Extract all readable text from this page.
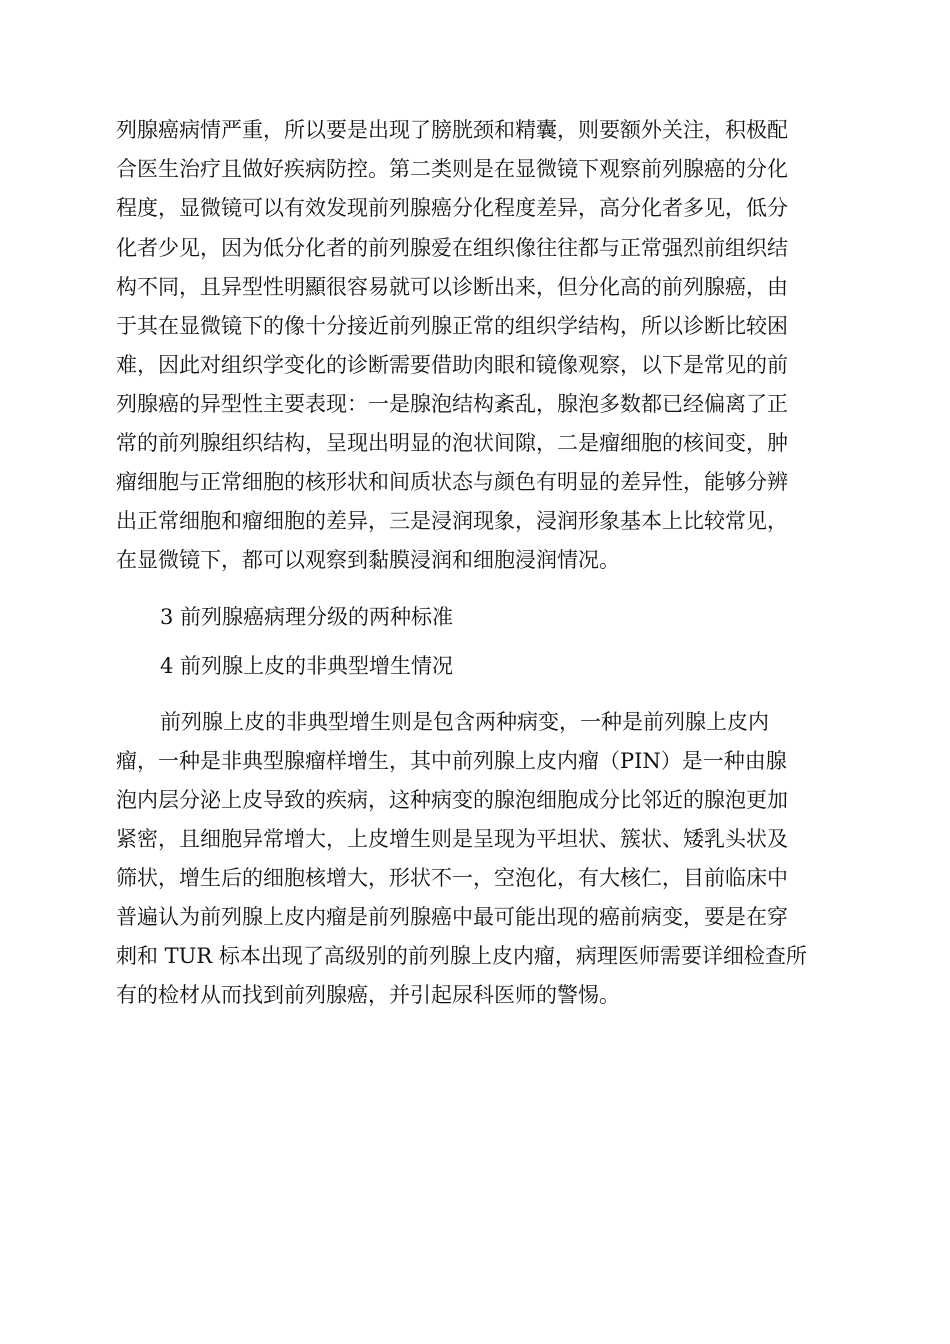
列腺癌病情严重，所以要是出现了膀胱颈和精囊，则要额外关注，积极配
合医生治疗且做好疾病防控。第二类则是在显微镜下观察前列腺癌的分化
程度，显微镜可以有效发现前列腺癌分化程度差异，高分化者多见，低分
化者少见，因为低分化者的前列腺爱在组织像往往都与正常强烈前组织结
构不同，且异型性明顯很容易就可以诊断出来，但分化高的前列腺癌，由
于其在显微镜下的像十分接近前列腺正常的组织学结构，所以诊断比较困
难，因此对组织学变化的诊断需要借助肉眼和镜像观察，以下是常见的前
列腺癌的异型性主要表现：一是腺泡结构紊乱，腺泡多数都已经偏离了正
常的前列腺组织结构，呈现出明显的泡状间隙，二是瘤细胞的核间变，肿
瘤细胞与正常细胞的核形状和间质状态与颜色有明显的差异性，能够分辨
出正常细胞和瘤细胞的差异，三是浸润现象，浸润形象基本上比较常见，
在显微镜下，都可以观察到黏膜浸润和细胞浸润情况。
3 前列腺癌病理分级的两种标准
4 前列腺上皮的非典型增生情况
前列腺上皮的非典型增生则是包含两种病变，一种是前列腺上皮内
瘤，一种是非典型腺瘤样增生，其中前列腺上皮内瘤（PIN）是一种由腺
泡内层分泌上皮导致的疾病，这种病变的腺泡细胞成分比邻近的腺泡更加
紧密，且细胞异常增大，上皮增生则是呈现为平坦状、簇状、矮乳头状及
筛状，增生后的细胞核增大，形状不一，空泡化，有大核仁，目前临床中
普遍认为前列腺上皮内瘤是前列腺癌中最可能出现的癌前病变，要是在穿
刺和 TUR 标本出现了高级别的前列腺上皮内瘤，病理医师需要详细检查所
有的检材从而找到前列腺癌，并引起尿科医师的警惕。
